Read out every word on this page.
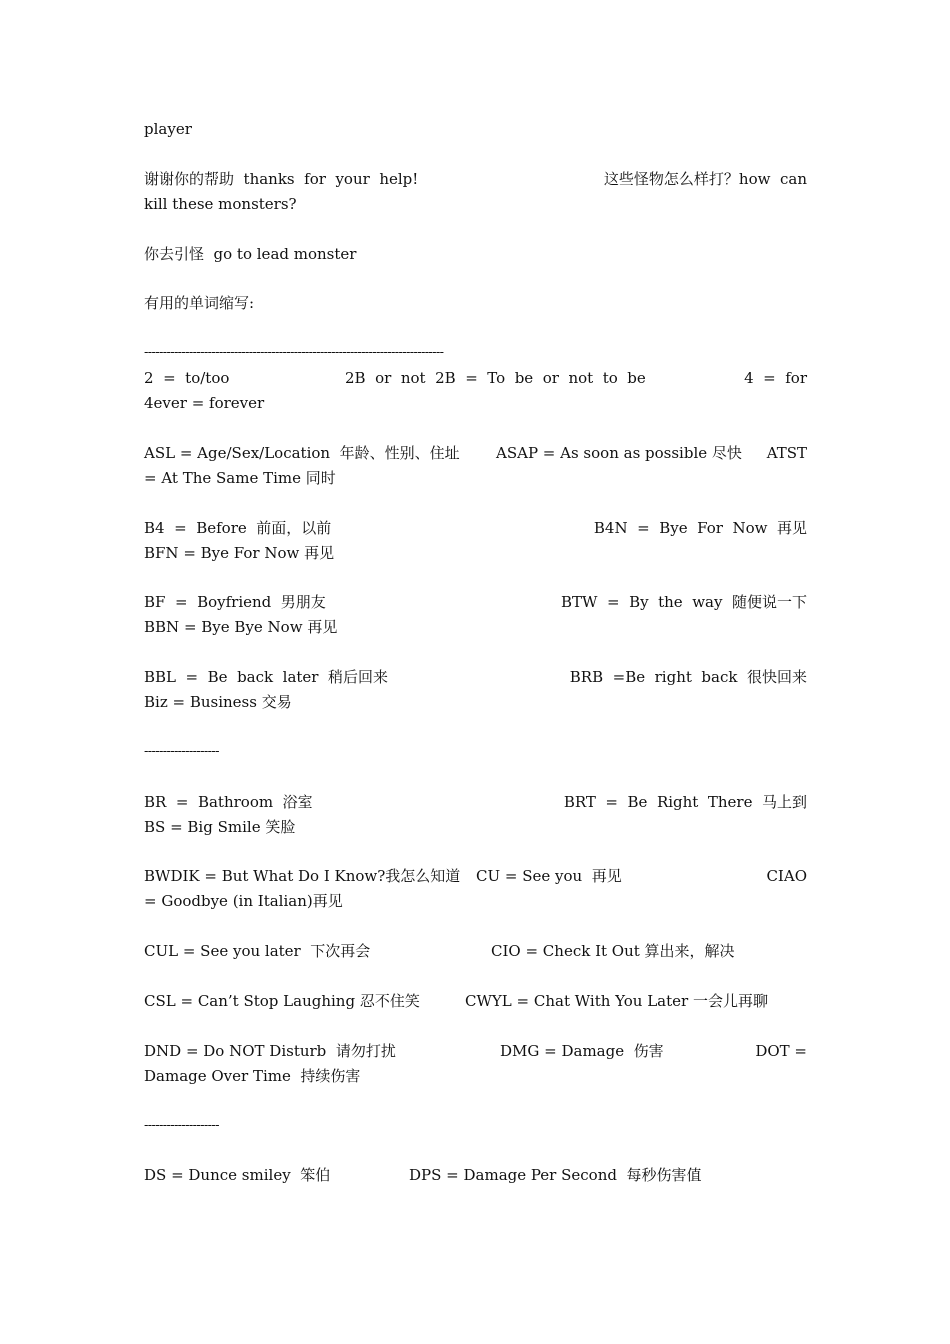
player
谢谢你的帮助  thanks  for  your  help!	这些怪物怎么样打？how  can
kill these monsters?
你去引怪  go to lead monster
有用的单词缩写:
--------------------------------------------------------------------------------
2  =  to/too	2B  or  not  2B  =  To  be  or  not  to  be	4  =  for
4ever = forever
ASL = Age/Sex/Location  年龄、性别、住址 ASAP = As soon as possible 尽快 ATST
= At The Same Time 同时
B4  =  Before  前面，以前	B4N  =  Bye  For  Now  再见
BFN = Bye For Now 再见
BF  =  Boyfriend  男朋友	BTW  =  By  the  way  随便说一下
BBN = Bye Bye Now 再见
BBL  =  Be  back  later  稍后回来	BRB  =Be  right  back  很快回来
Biz = Business 交易
--------------------
BR  =  Bathroom  浴室	BRT  =  Be  Right  There  马上到
BS = Big Smile 笑脸
BWDIK = But What Do I Know?我怎么知道 CU = See you  再见	CIAO
= Goodbye (in Italian)再见
CUL = See you later  下次再会	CIO = Check It Out 算出来，解决
CSL = Can’t Stop Laughing 忍不住笑	CWYL = Chat With You Later 一会儿再聊
DND = Do NOT Disturb  请勿打扰	DMG = Damage  伤害	DOT =
Damage Over Time  持续伤害
--------------------
DS = Dunce smiley  笨伯	DPS = Damage Per Second  每秒伤害值
